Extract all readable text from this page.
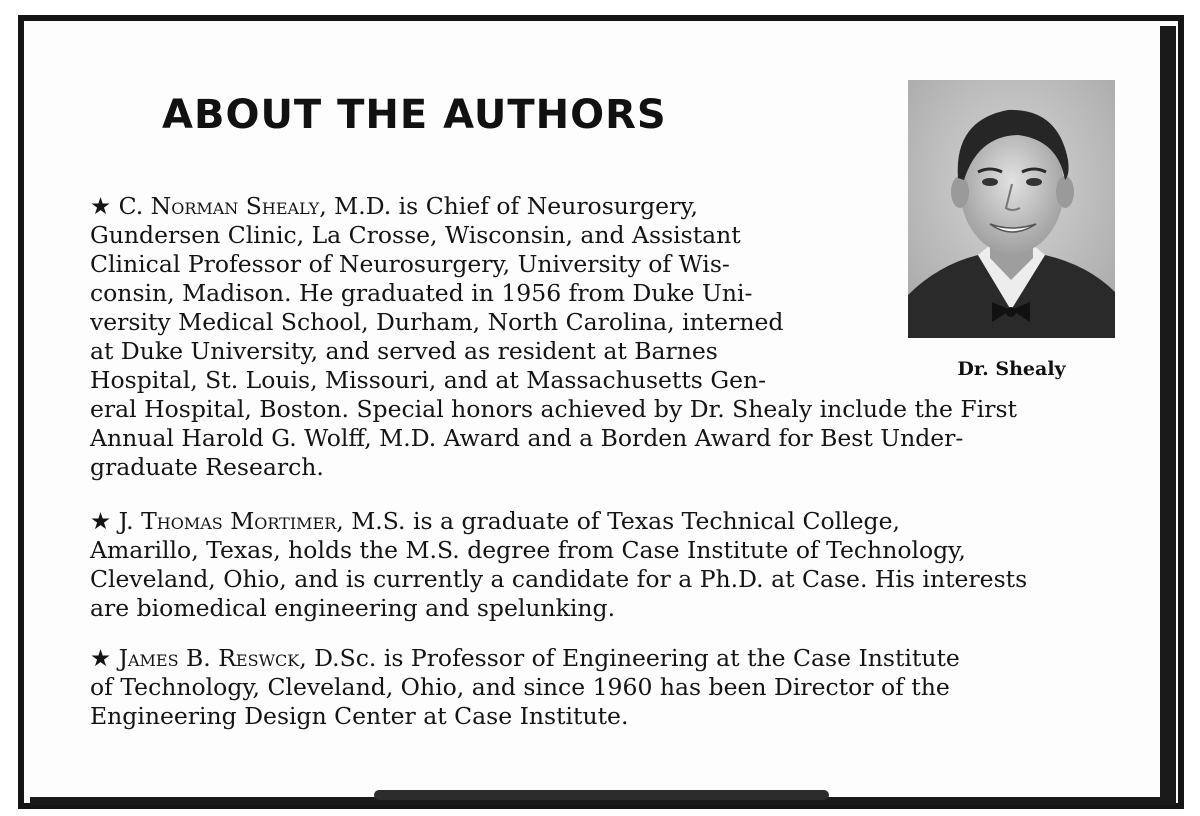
ABOUT THE AUTHORS
Dr. Shealy
★ C. Norman Shealy, M.D. is Chief of Neurosurgery,
Gundersen Clinic, La Crosse, Wisconsin, and Assistant
Clinical Professor of Neurosurgery, University of Wis-
consin, Madison. He graduated in 1956 from Duke Uni-
versity Medical School, Durham, North Carolina, interned
at Duke University, and served as resident at Barnes
Hospital, St. Louis, Missouri, and at Massachusetts Gen-
eral Hospital, Boston. Special honors achieved by Dr. Shealy include the First
Annual Harold G. Wolff, M.D. Award and a Borden Award for Best Under-
graduate Research.
★ J. Thomas Mortimer, M.S. is a graduate of Texas Technical College,
Amarillo, Texas, holds the M.S. degree from Case Institute of Technology,
Cleveland, Ohio, and is currently a candidate for a Ph.D. at Case. His interests
are biomedical engineering and spelunking.
★ James B. Reswck, D.Sc. is Professor of Engineering at the Case Institute
of Technology, Cleveland, Ohio, and since 1960 has been Director of the
Engineering Design Center at Case Institute.
